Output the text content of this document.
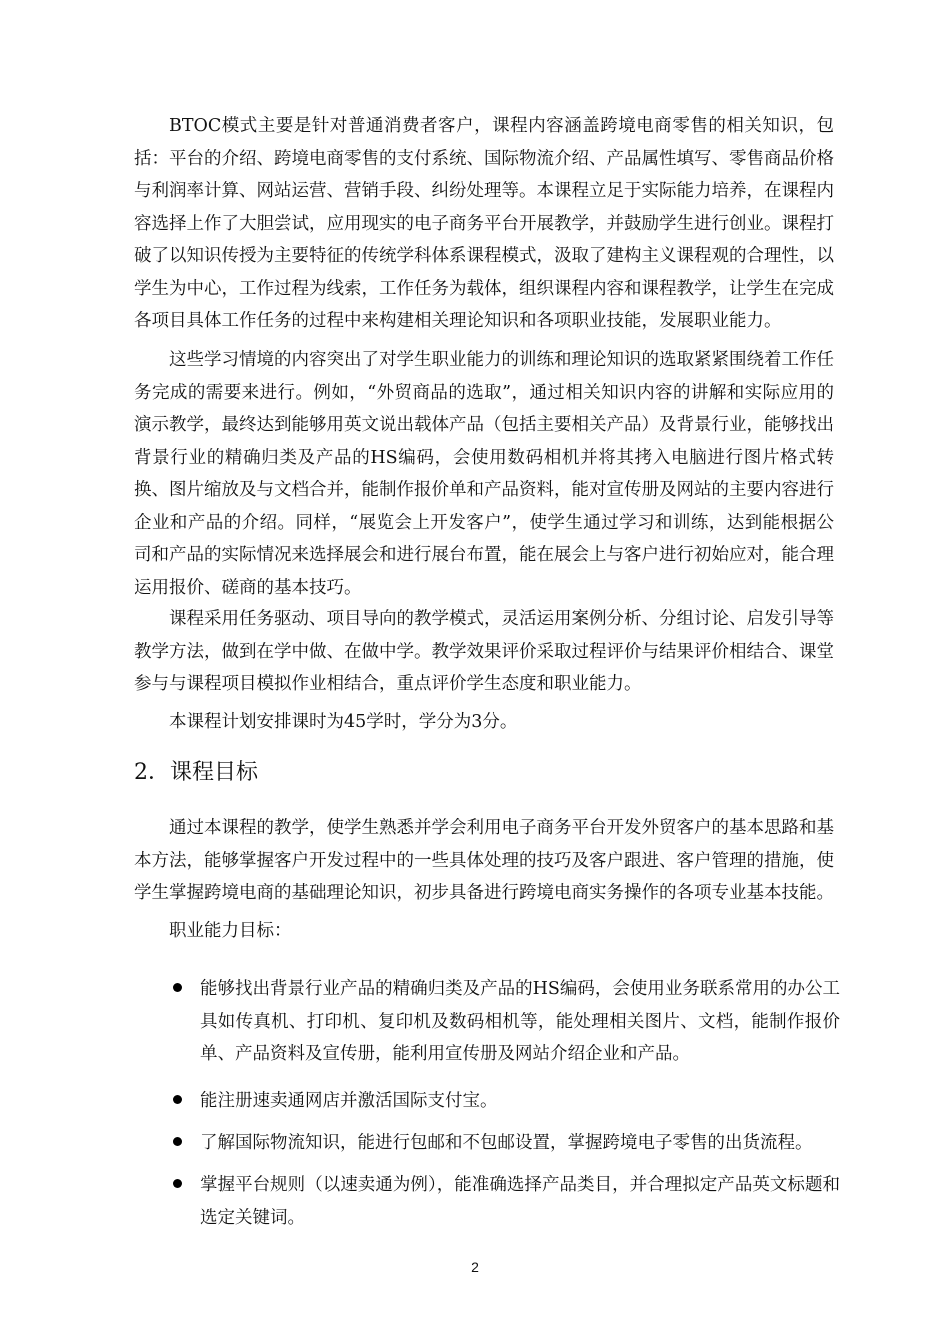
BTOC模式主要是针对普通消费者客户，课程内容涵盖跨境电商零售的相关知识，包括：平台的介绍、跨境电商零售的支付系统、国际物流介绍、产品属性填写、零售商品价格与利润率计算、网站运营、营销手段、纠纷处理等。本课程立足于实际能力培养，在课程内容选择上作了大胆尝试，应用现实的电子商务平台开展教学，并鼓励学生进行创业。课程打破了以知识传授为主要特征的传统学科体系课程模式，汲取了建构主义课程观的合理性，以学生为中心，工作过程为线索，工作任务为载体，组织课程内容和课程教学，让学生在完成各项目具体工作任务的过程中来构建相关理论知识和各项职业技能，发展职业能力。

这些学习情境的内容突出了对学生职业能力的训练和理论知识的选取紧紧围绕着工作任务完成的需要来进行。例如，“外贸商品的选取”，通过相关知识内容的讲解和实际应用的演示教学，最终达到能够用英文说出载体产品（包括主要相关产品）及背景行业，能够找出背景行业的精确归类及产品的HS编码，会使用数码相机并将其拷入电脑进行图片格式转换、图片缩放及与文档合并，能制作报价单和产品资料，能对宣传册及网站的主要内容进行企业和产品的介绍。同样，“展览会上开发客户”，使学生通过学习和训练，达到能根据公司和产品的实际情况来选择展会和进行展台布置，能在展会上与客户进行初始应对，能合理运用报价、磋商的基本技巧。

课程采用任务驱动、项目导向的教学模式，灵活运用案例分析、分组讨论、启发引导等教学方法，做到在学中做、在做中学。教学效果评价采取过程评价与结果评价相结合、课堂参与与课程项目模拟作业相结合，重点评价学生态度和职业能力。

本课程计划安排课时为45学时，学分为3分。

2．课程目标

通过本课程的教学，使学生熟悉并学会利用电子商务平台开发外贸客户的基本思路和基本方法，能够掌握客户开发过程中的一些具体处理的技巧及客户跟进、客户管理的措施，使学生掌握跨境电商的基础理论知识，初步具备进行跨境电商实务操作的各项专业基本技能。

职业能力目标：

能够找出背景行业产品的精确归类及产品的HS编码，会使用业务联系常用的办公工具如传真机、打印机、复印机及数码相机等，能处理相关图片、文档，能制作报价单、产品资料及宣传册，能利用宣传册及网站介绍企业和产品。
能注册速卖通网店并激活国际支付宝。
了解国际物流知识，能进行包邮和不包邮设置，掌握跨境电子零售的出货流程。
掌握平台规则（以速卖通为例），能准确选择产品类目，并合理拟定产品英文标题和选定关键词。
2
